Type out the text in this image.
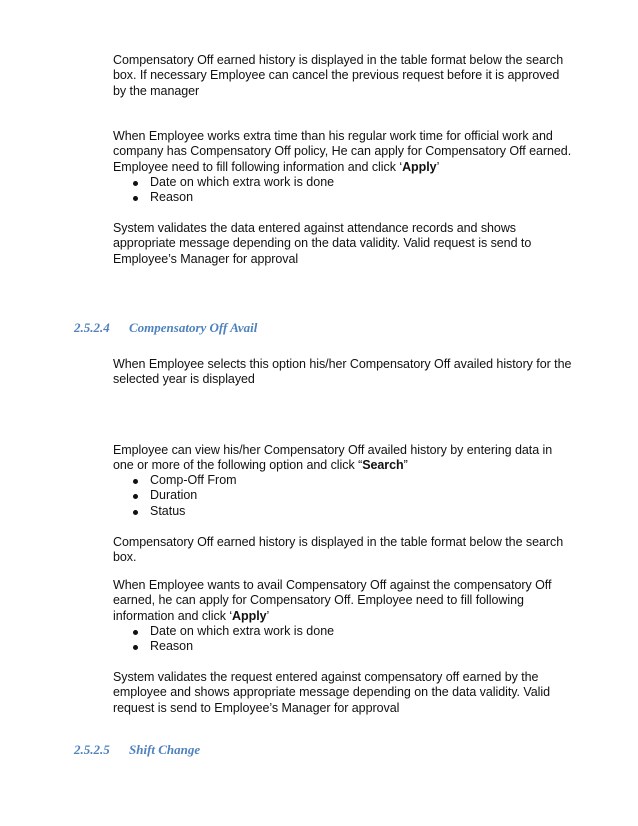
Compensatory Off earned history is displayed in the table format below the search box. If necessary Employee can cancel the previous request before it is approved by the manager

When Employee works extra time than his regular work time for official work and company has Compensatory Off policy, He can apply for Compensatory Off earned. Employee need to fill following information and click ‘Apply’

Date on which extra work is done
Reason

System validates the data entered against attendance records and shows appropriate message depending on the data validity. Valid request is send to Employee’s Manager for approval

2.5.2.4 Compensatory Off Avail

When Employee selects this option his/her Compensatory Off availed history for the selected year is displayed

Employee can view his/her Compensatory Off availed history by entering data in one or more of the following option and click “Search”

Comp-Off From
Duration
Status

Compensatory Off earned history is displayed in the table format below the search box.

When Employee wants to avail Compensatory Off against the compensatory Off earned, he can apply for Compensatory Off. Employee need to fill following information and click ‘Apply’

Date on which extra work is done
Reason

System validates the request entered against compensatory off earned by the employee and shows appropriate message depending on the data validity. Valid request is send to Employee’s Manager for approval

2.5.2.5 Shift Change
